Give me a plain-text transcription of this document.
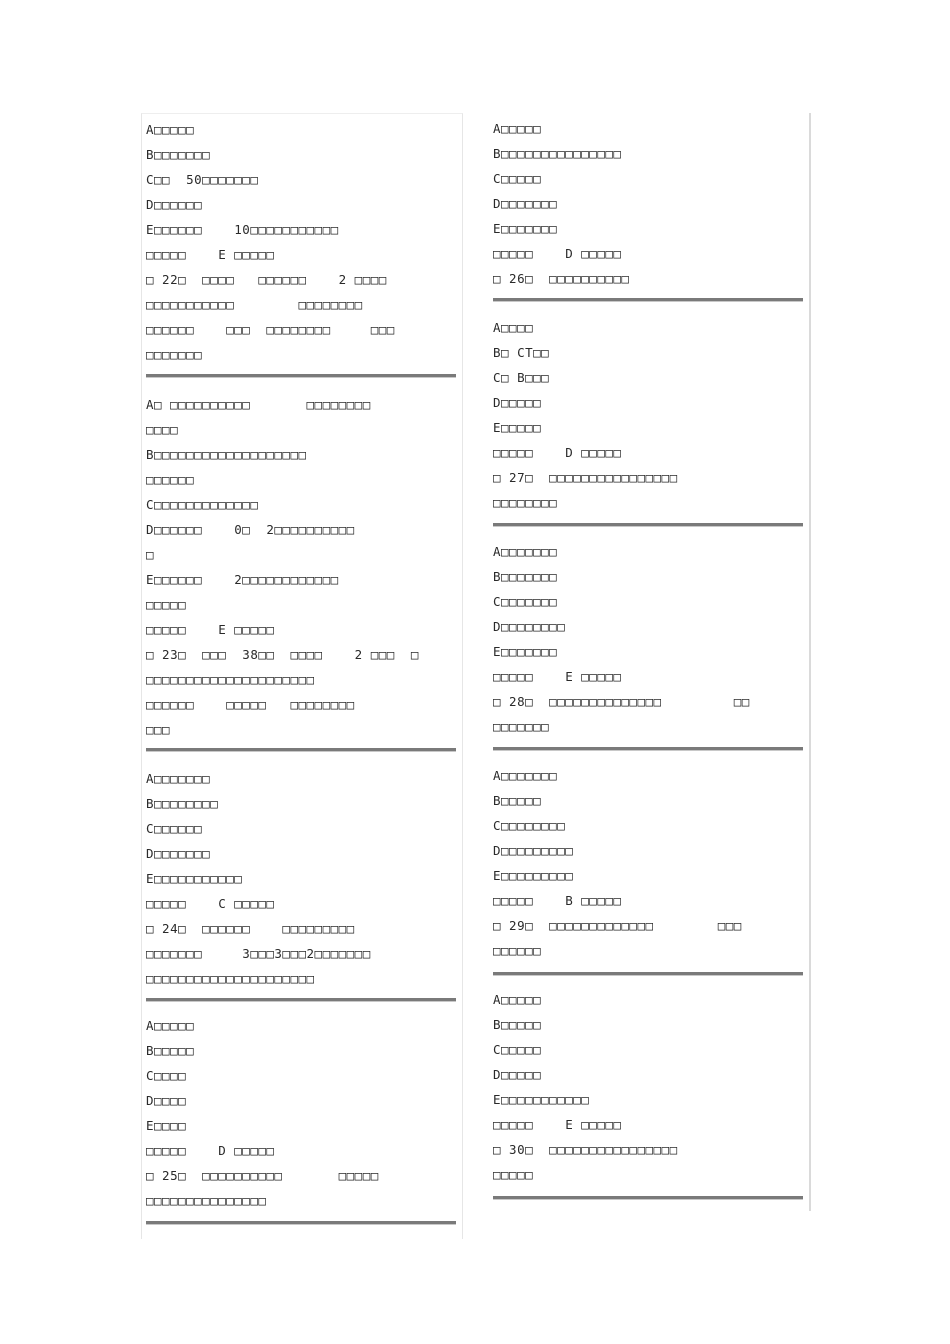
A□□□□□
B□□□□□□□
C□□  50□□□□□□□
D□□□□□□
E□□□□□□    10□□□□□□□□□□□
□□□□□    E □□□□□
□ 22□  □□□□   □□□□□□    2 □□□□
□□□□□□□□□□□        □□□□□□□□
□□□□□□    □□□  □□□□□□□□     □□□
□□□□□□□
A□ □□□□□□□□□□       □□□□□□□□
□□□□
B□□□□□□□□□□□□□□□□□□□
□□□□□□
C□□□□□□□□□□□□□
D□□□□□□    0□  2□□□□□□□□□□
□
E□□□□□□    2□□□□□□□□□□□□
□□□□□
□□□□□    E □□□□□
□ 23□  □□□  38□□  □□□□    2 □□□  □
□□□□□□□□□□□□□□□□□□□□□
□□□□□□    □□□□□   □□□□□□□□
□□□
A□□□□□□□
B□□□□□□□□
C□□□□□□
D□□□□□□□
E□□□□□□□□□□□
□□□□□    C □□□□□
□ 24□  □□□□□□    □□□□□□□□□
□□□□□□□     3□□□3□□□2□□□□□□□
□□□□□□□□□□□□□□□□□□□□□
A□□□□□
B□□□□□
C□□□□
D□□□□
E□□□□
□□□□□    D □□□□□
□ 25□  □□□□□□□□□□       □□□□□
□□□□□□□□□□□□□□□
A□□□□□
B□□□□□□□□□□□□□□□
C□□□□□
D□□□□□□□
E□□□□□□□
□□□□□    D □□□□□
□ 26□  □□□□□□□□□□
A□□□□
B□ CT□□
C□ B□□□
D□□□□□
E□□□□□
□□□□□    D □□□□□
□ 27□  □□□□□□□□□□□□□□□□
□□□□□□□□
A□□□□□□□
B□□□□□□□
C□□□□□□□
D□□□□□□□□
E□□□□□□□
□□□□□    E □□□□□
□ 28□  □□□□□□□□□□□□□□         □□
□□□□□□□
A□□□□□□□
B□□□□□
C□□□□□□□□
D□□□□□□□□□
E□□□□□□□□□
□□□□□    B □□□□□
□ 29□  □□□□□□□□□□□□□        □□□
□□□□□□
A□□□□□
B□□□□□
C□□□□□
D□□□□□
E□□□□□□□□□□□
□□□□□    E □□□□□
□ 30□  □□□□□□□□□□□□□□□□
□□□□□
